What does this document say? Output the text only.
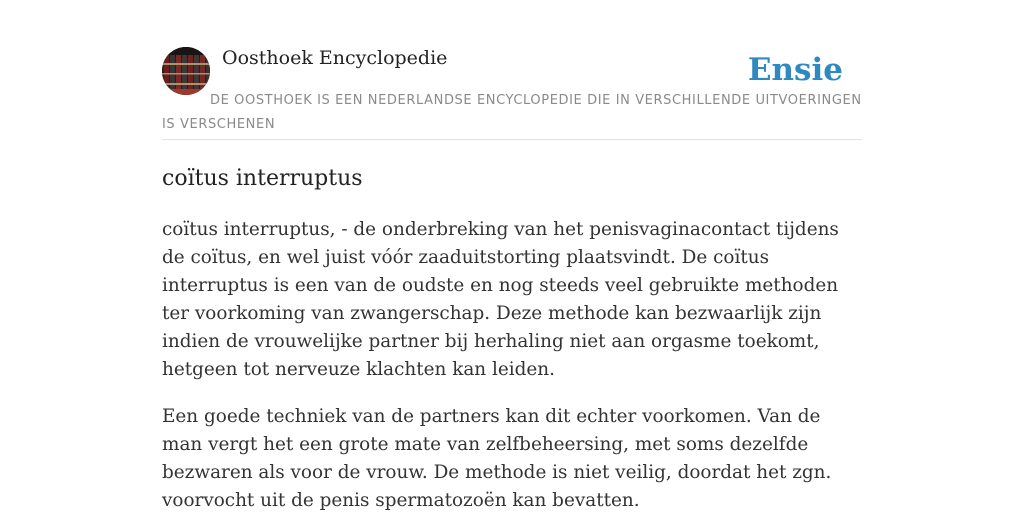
Oosthoek Encyclopedie	Ensie
DE OOSTHOEK IS EEN NEDERLANDSE ENCYCLOPEDIE DIE IN VERSCHILLENDE UITVOERINGEN IS VERSCHENEN
coïtus interruptus

coïtus interruptus, - de onderbreking van het penisvaginacontact tijdens de coïtus, en wel juist vóór zaaduitstorting plaatsvindt. De coïtus interruptus is een van de oudste en nog steeds veel gebruikte methoden ter voorkoming van zwangerschap. Deze methode kan bezwaarlijk zijn indien de vrouwelijke partner bij herhaling niet aan orgasme toekomt, hetgeen tot nerveuze klachten kan leiden.

Een goede techniek van de partners kan dit echter voorkomen. Van de man vergt het een grote mate van zelfbeheersing, met soms dezelfde bezwaren als voor de vrouw. De methode is niet veilig, doordat het zgn. voorvocht uit de penis spermatozoën kan bevatten.
